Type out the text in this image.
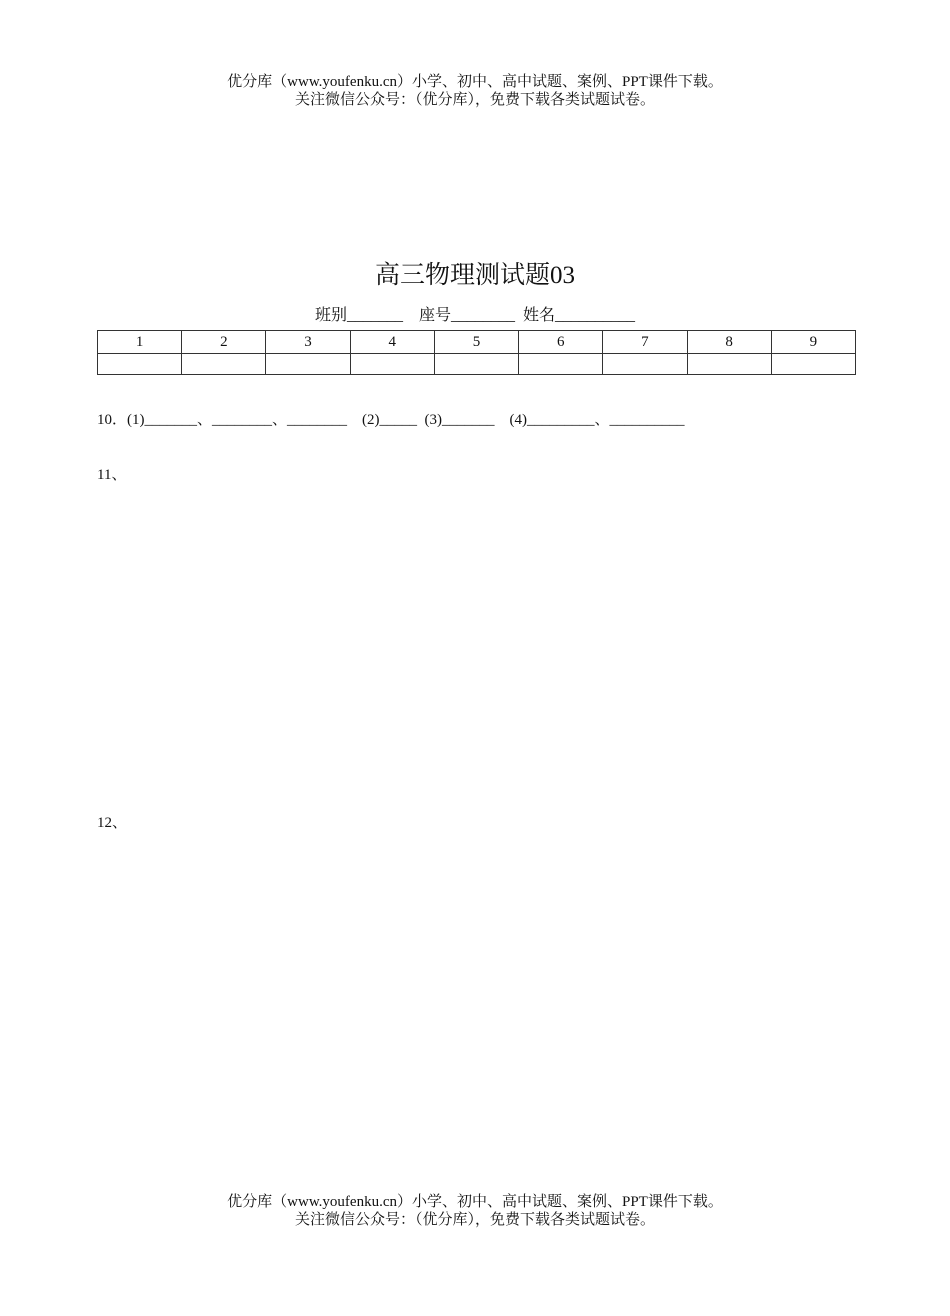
优分库（www.youfenku.cn）小学、初中、高中试题、案例、PPT课件下载。
关注微信公众号：（优分库），免费下载各类试题试卷。
高三物理测试题03
班别_______    座号________  姓名__________
1	2	3	4	5	6	7	8	9

10．(1)_______、________、________    (2)_____  (3)_______    (4)_________、__________
11、
12、
优分库（www.youfenku.cn）小学、初中、高中试题、案例、PPT课件下载。
关注微信公众号：（优分库），免费下载各类试题试卷。
